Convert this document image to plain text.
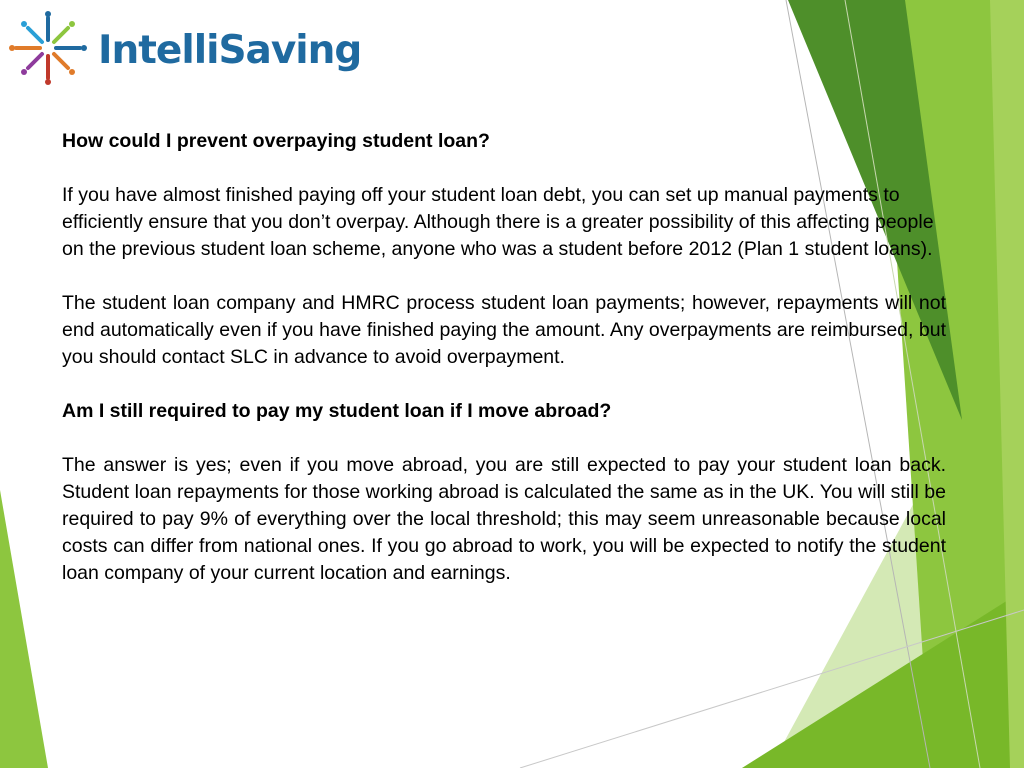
IntelliSaving

How could I prevent overpaying student loan?

If you have almost finished paying off your student loan debt, you can set up manual payments to efficiently ensure that you don’t overpay. Although there is a greater possibility of this affecting people on the previous student loan scheme, anyone who was a student before 2012 (Plan 1 student loans).

The student loan company and HMRC process student loan payments; however, repayments will not end automatically even if you have finished paying the amount. Any overpayments are reimbursed, but you should contact SLC in advance to avoid overpayment.

Am I still required to pay my student loan if I move abroad?

The answer is yes; even if you move abroad, you are still expected to pay your student loan back. Student loan repayments for those working abroad is calculated the same as in the UK. You will still be required to pay 9% of everything over the local threshold; this may seem unreasonable because local costs can differ from national ones. If you go abroad to work, you will be expected to notify the student loan company of your current location and earnings.
